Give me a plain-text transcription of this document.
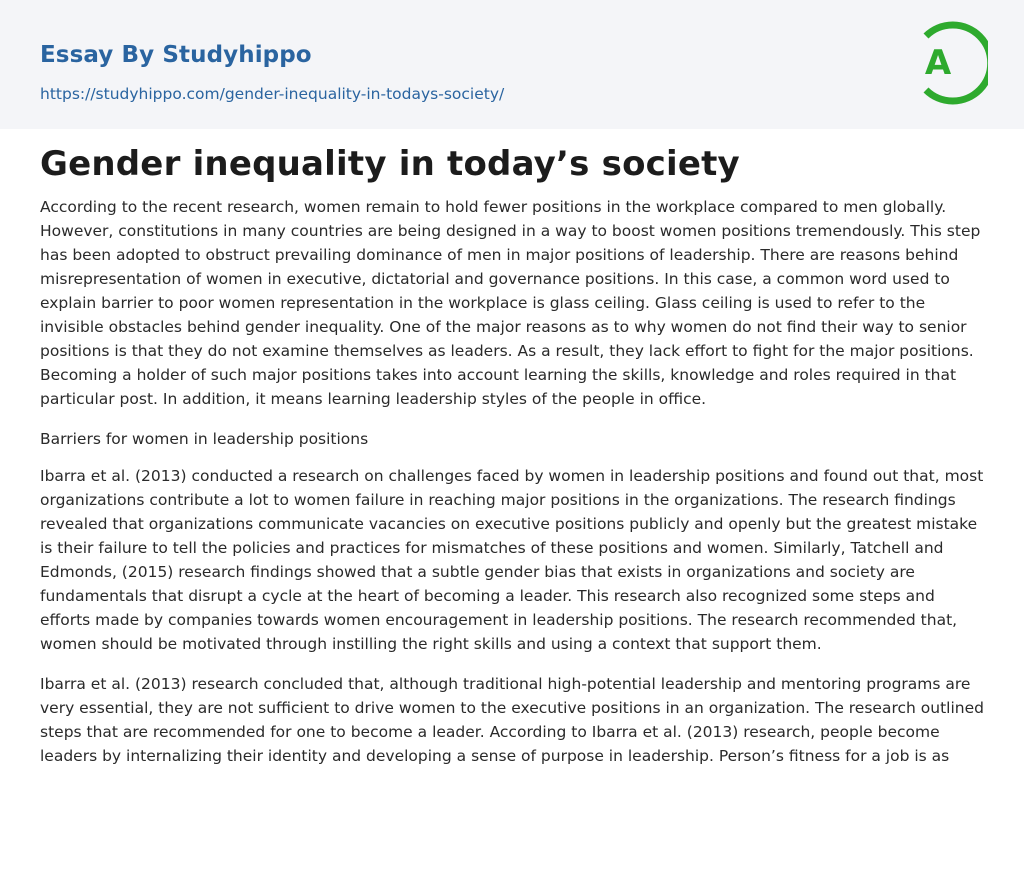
Essay By Studyhippo
https://studyhippo.com/gender-inequality-in-todays-society/
A
Gender inequality in today’s society

According to the recent research, women remain to hold fewer positions in the workplace compared to men globally. However, constitutions in many countries are being designed in a way to boost women positions tremendously. This step has been adopted to obstruct prevailing dominance of men in major positions of leadership. There are reasons behind misrepresentation of women in executive, dictatorial and governance positions. In this case, a common word used to explain barrier to poor women representation in the workplace is glass ceiling. Glass ceiling is used to refer to the invisible obstacles behind gender inequality. One of the major reasons as to why women do not find their way to senior positions is that they do not examine themselves as leaders. As a result, they lack effort to fight for the major positions. Becoming a holder of such major positions takes into account learning the skills, knowledge and roles required in that particular post. In addition, it means learning leadership styles of the people in office.

Barriers for women in leadership positions

Ibarra et al. (2013) conducted a research on challenges faced by women in leadership positions and found out that, most organizations contribute a lot to women failure in reaching major positions in the organizations. The research findings revealed that organizations communicate vacancies on executive positions publicly and openly but the greatest mistake is their failure to tell the policies and practices for mismatches of these positions and women. Similarly, Tatchell and Edmonds, (2015) research findings showed that a subtle gender bias that exists in organizations and society are fundamentals that disrupt a cycle at the heart of becoming a leader. This research also recognized some steps and efforts made by companies towards women encouragement in leadership positions. The research recommended that, women should be motivated through instilling the right skills and using a context that support them.

Ibarra et al. (2013) research concluded that, although traditional high-potential leadership and mentoring programs are very essential, they are not sufficient to drive women to the executive positions in an organization. The research outlined steps that are recommended for one to become a leader. According to Ibarra et al. (2013) research, people become leaders by internalizing their identity and developing a sense of purpose in leadership. Person’s fitness for a job is as
